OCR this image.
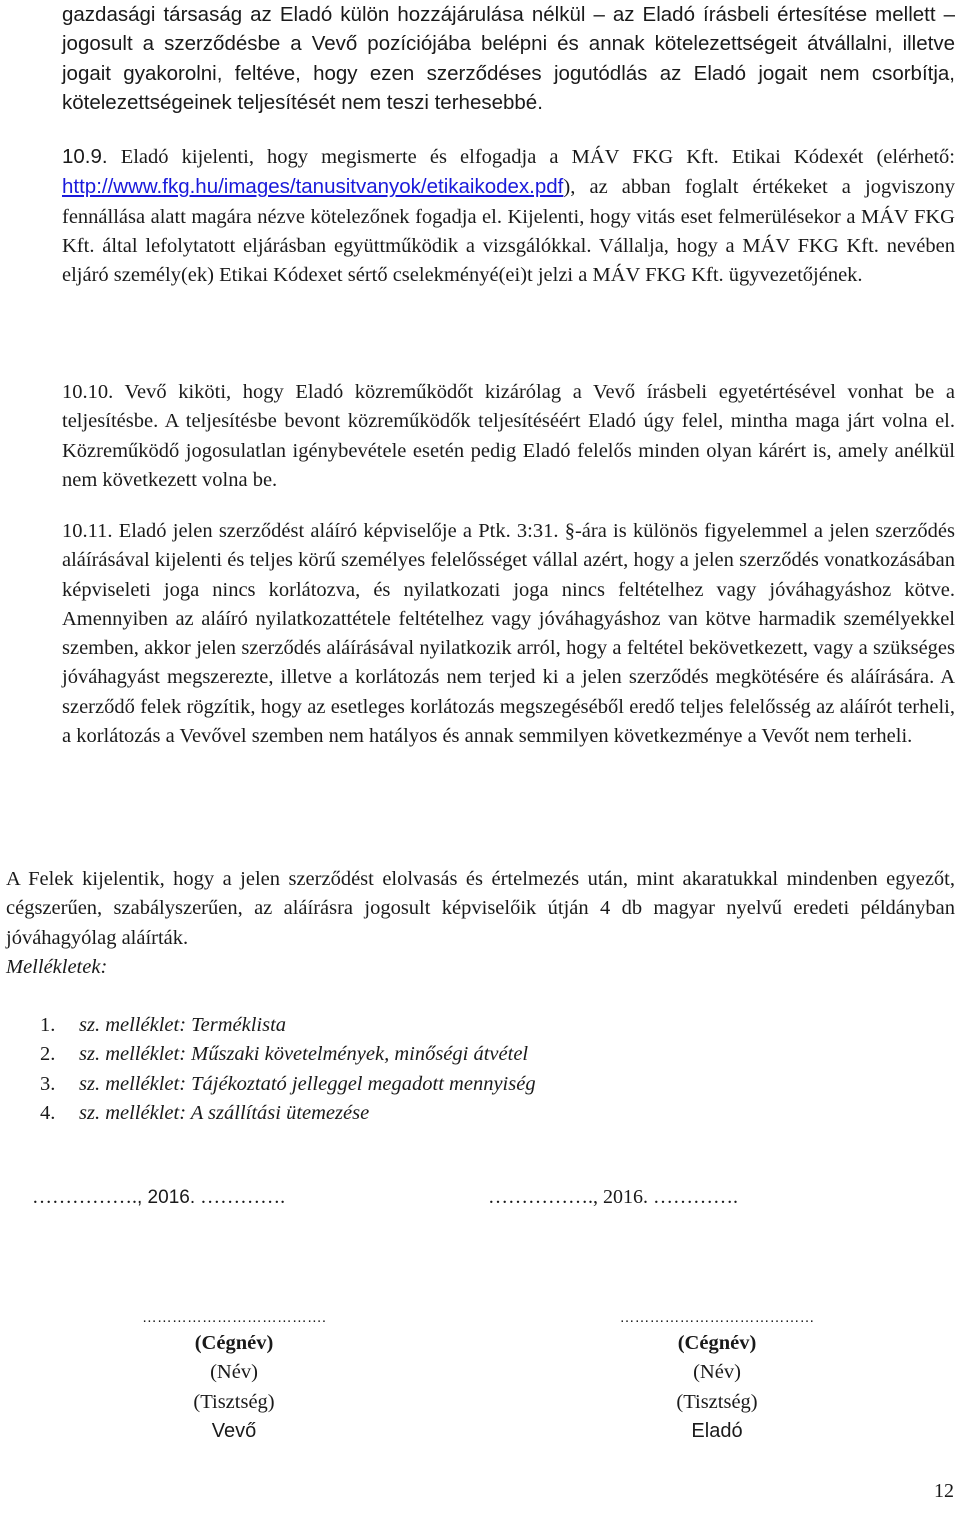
gazdasági társaság az Eladó külön hozzájárulása nélkül – az Eladó írásbeli értesítése mellett – jogosult a szerződésbe a Vevő pozíciójába belépni és annak kötelezettségeit átvállalni, illetve jogait gyakorolni, feltéve, hogy ezen szerződéses jogutódlás az Eladó jogait nem csorbítja, kötelezettségeinek teljesítését nem teszi terhesebbé.

10.9. Eladó kijelenti, hogy megismerte és elfogadja a MÁV FKG Kft. Etikai Kódexét (elérhető: http://www.fkg.hu/images/tanusitvanyok/etikaikodex.pdf), az abban foglalt értékeket a jogviszony fennállása alatt magára nézve kötelezőnek fogadja el. Kijelenti, hogy vitás eset felmerülésekor a MÁV FKG Kft. által lefolytatott eljárásban együttműködik a vizsgálókkal. Vállalja, hogy a MÁV FKG Kft. nevében eljáró személy(ek) Etikai Kódexet sértő cselekményé(ei)t jelzi a MÁV FKG Kft. ügyvezetőjének.

10.10. Vevő kiköti, hogy Eladó közreműködőt kizárólag a Vevő írásbeli egyetértésével vonhat be a teljesítésbe. A teljesítésbe bevont közreműködők teljesítéséért Eladó úgy felel, mintha maga járt volna el. Közreműködő jogosulatlan igénybevétele esetén pedig Eladó felelős minden olyan kárért is, amely anélkül nem következett volna be.

10.11. Eladó jelen szerződést aláíró képviselője a Ptk. 3:31. §-ára is különös figyelemmel a jelen szerződés aláírásával kijelenti és teljes körű személyes felelősséget vállal azért, hogy a jelen szerződés vonatkozásában képviseleti joga nincs korlátozva, és nyilatkozati joga nincs feltételhez vagy jóváhagyáshoz kötve. Amennyiben az aláíró nyilatkozattétele feltételhez vagy jóváhagyáshoz van kötve harmadik személyekkel szemben, akkor jelen szerződés aláírásával nyilatkozik arról, hogy a feltétel bekövetkezett, vagy a szükséges jóváhagyást megszerezte, illetve a korlátozás nem terjed ki a jelen szerződés megkötésére és aláírására. A szerződő felek rögzítik, hogy az esetleges korlátozás megszegéséből eredő teljes felelősség az aláírót terheli, a korlátozás a Vevővel szemben nem hatályos és annak semmilyen következménye a Vevőt nem terheli.

A Felek kijelentik, hogy a jelen szerződést elolvasás és értelmezés után, mint akaratukkal mindenben egyezőt, cégszerűen, szabályszerűen, az aláírásra jogosult képviselőik útján 4 db magyar nyelvű eredeti példányban jóváhagyólag aláírták.

Mellékletek:

1. sz. melléklet: Terméklista
2. sz. melléklet: Műszaki követelmények, minőségi átvétel
3. sz. melléklet: Tájékoztató jelleggel megadott mennyiség
4. sz. melléklet: A szállítási ütemezése
……………., 2016. ………….	……………., 2016. ………….
……………………………….
(Cégnév)
(Név)
(Tisztség)
Vevő
…………………………………
(Cégnév)
(Név)
(Tisztség)
Eladó
12
